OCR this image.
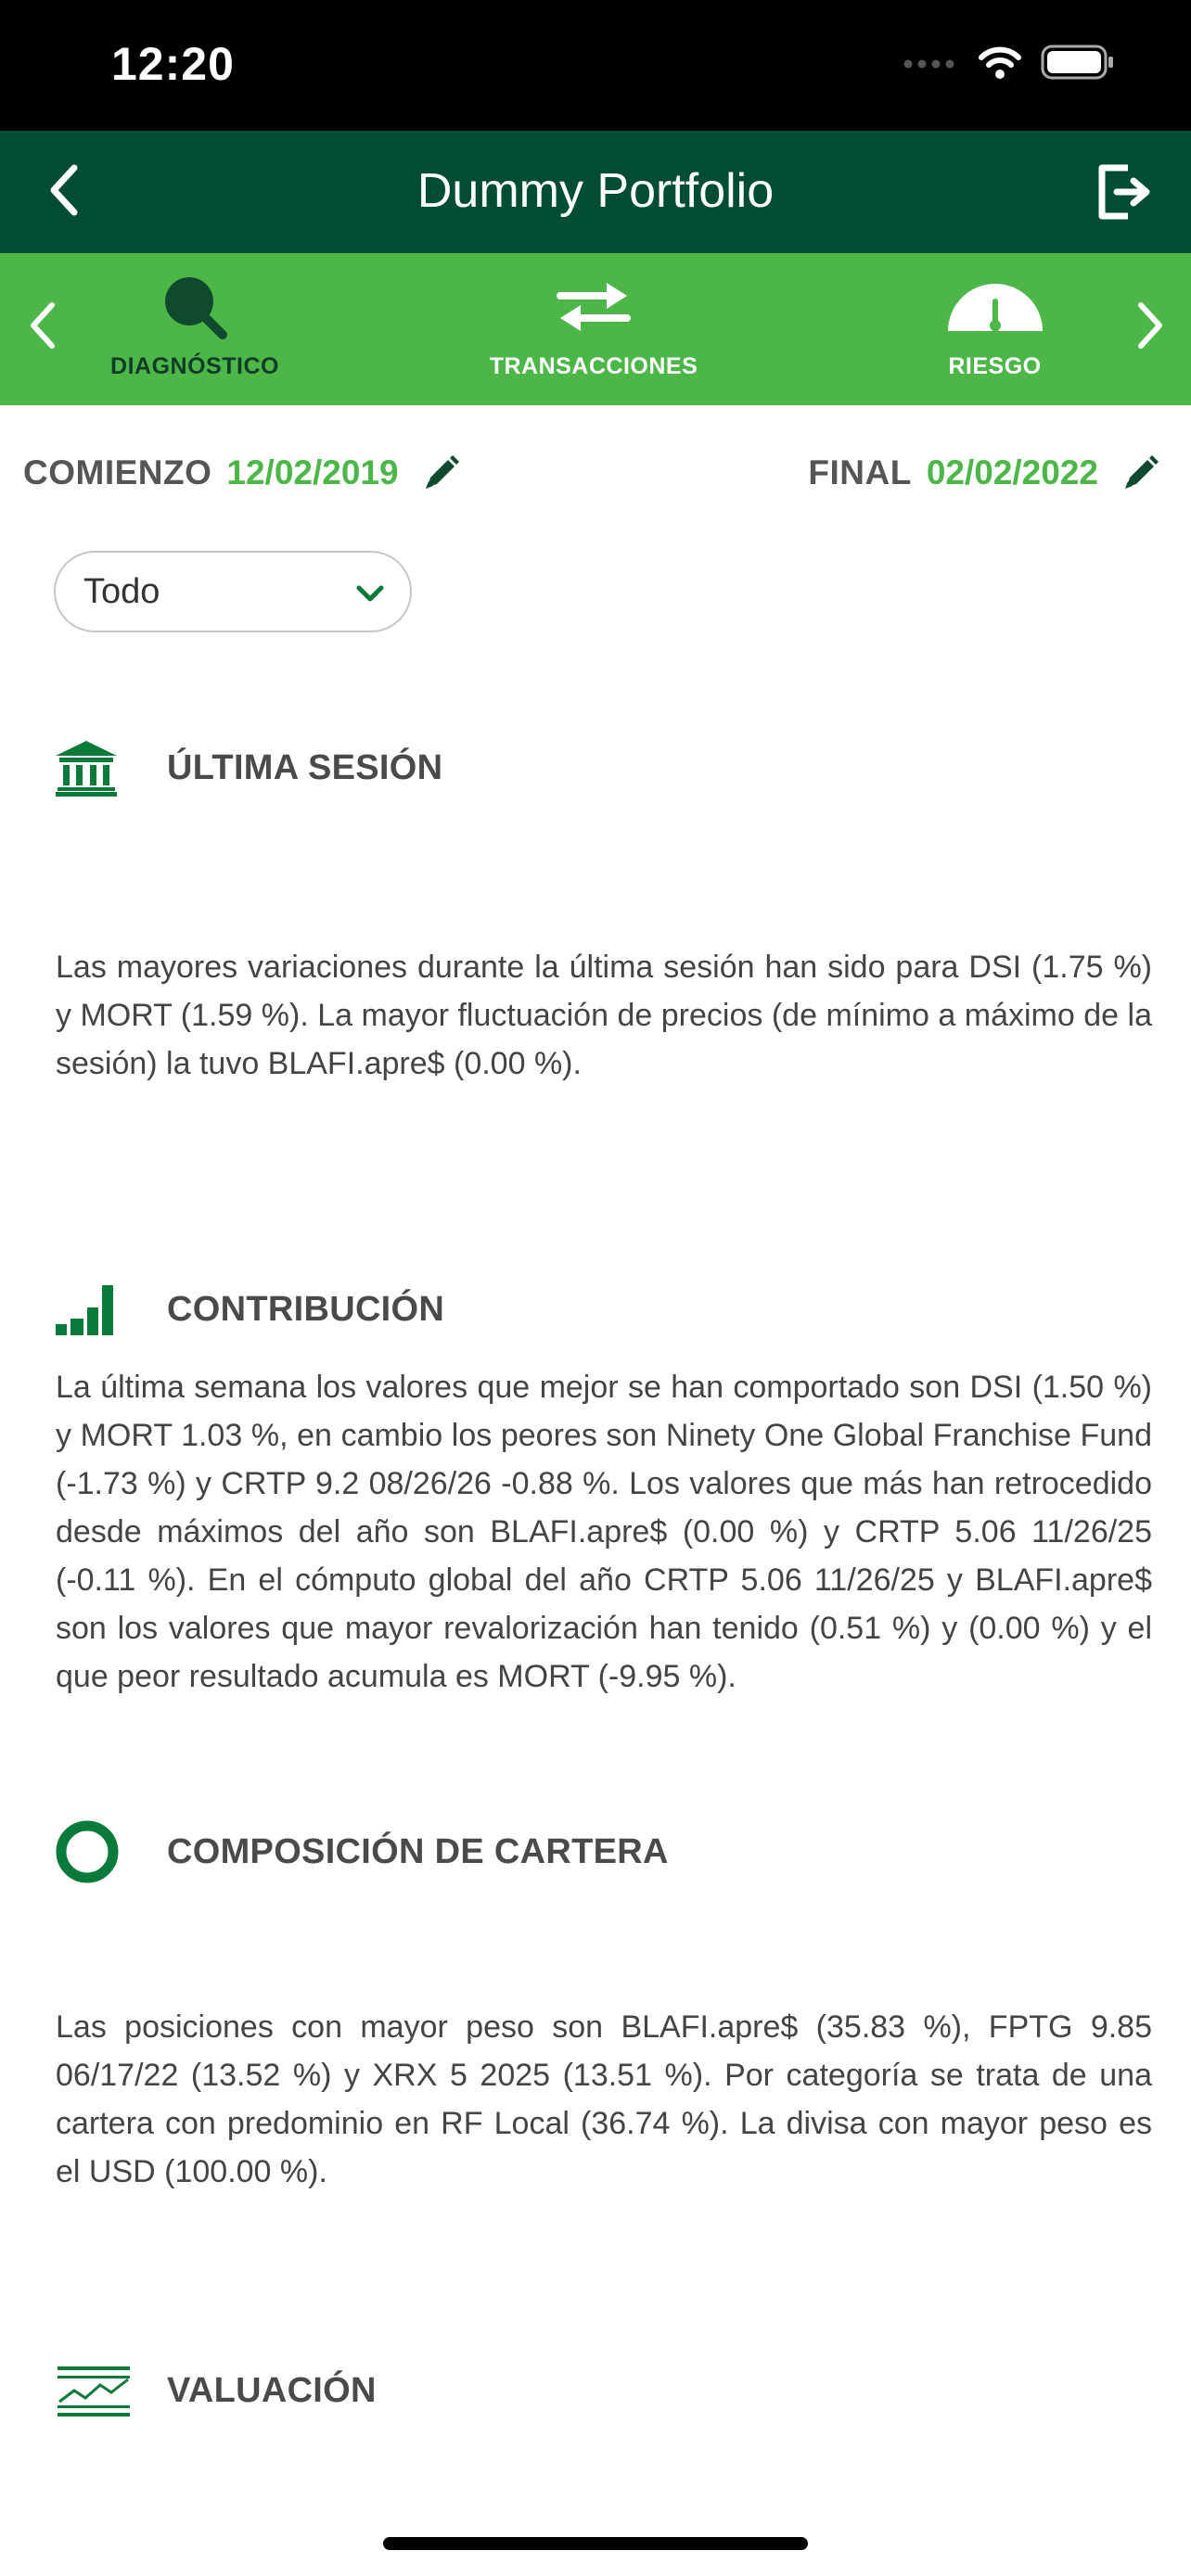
12:20
Dummy Portfolio
DIAGNÓSTICO	TRANSACCIONES	RIESGO
COMIENZO 12/02/2019	FINAL 02/02/2022
Todo
ÚLTIMA SESIÓN

Las mayores variaciones durante la última sesión han sido para DSI (1.75 %) y MORT (1.59 %). La mayor fluctuación de precios (de mínimo a máximo de la sesión) la tuvo BLAFI.apre$ (0.00 %).

CONTRIBUCIÓN

La última semana los valores que mejor se han comportado son DSI (1.50 %) y MORT 1.03 %, en cambio los peores son Ninety One Global Franchise Fund (-1.73 %) y CRTP 9.2 08/26/26 -0.88 %. Los valores que más han retrocedido desde máximos del año son BLAFI.apre$ (0.00 %) y CRTP 5.06 11/26/25 (-0.11 %). En el cómputo global del año CRTP 5.06 11/26/25 y BLAFI.apre$ son los valores que mayor revalorización han tenido (0.51 %) y (0.00 %) y el que peor resultado acumula es MORT (-9.95 %).

COMPOSICIÓN DE CARTERA

Las posiciones con mayor peso son BLAFI.apre$ (35.83 %), FPTG 9.85 06/17/22 (13.52 %) y XRX 5 2025 (13.51 %). Por categoría se trata de una cartera con predominio en RF Local (36.74 %). La divisa con mayor peso es el USD (100.00 %).

VALUACIÓN
